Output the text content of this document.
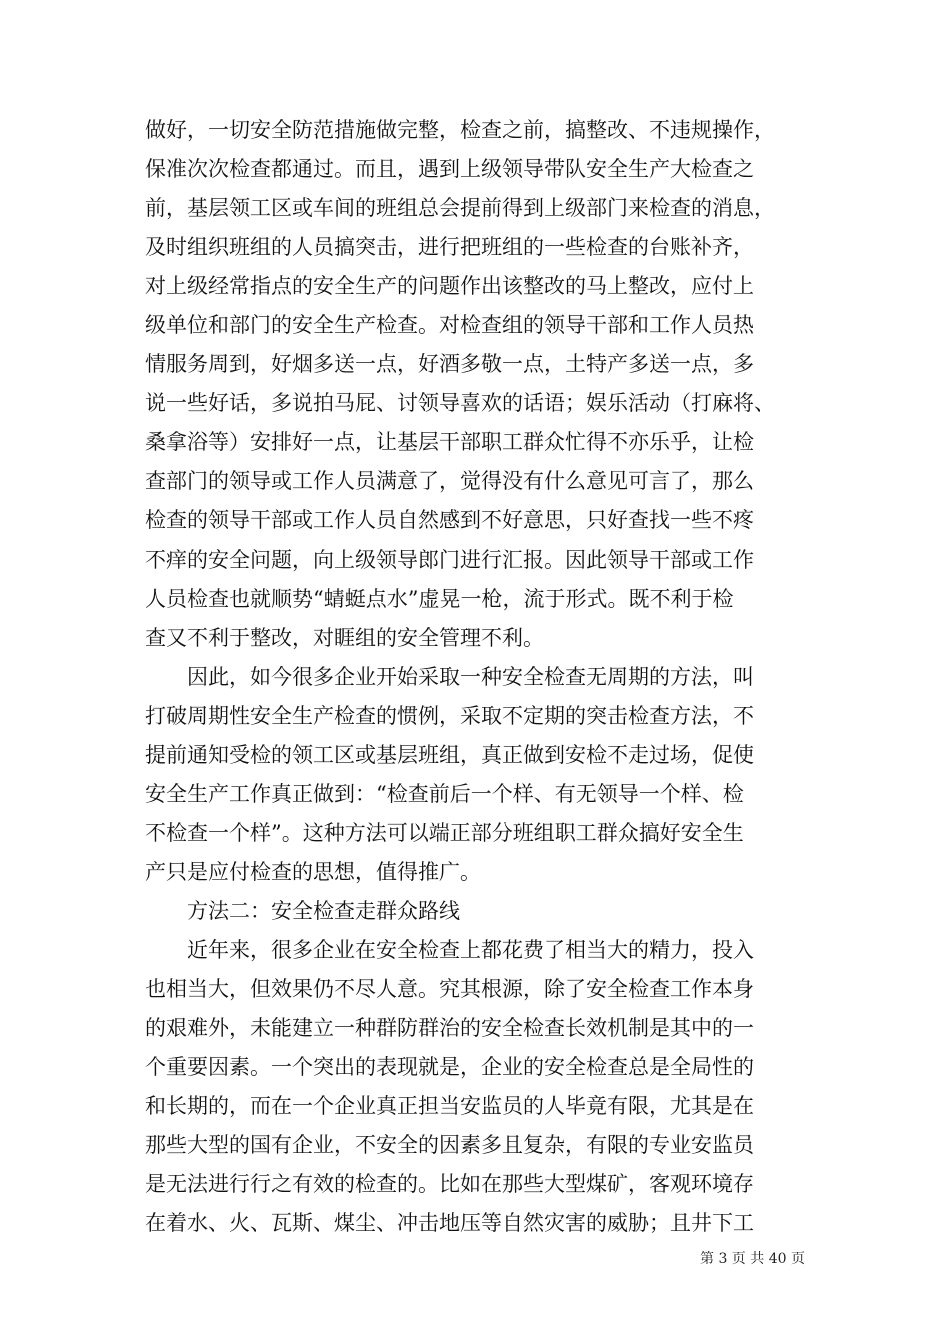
做好，一切安全防范措施做完整，检查之前，搞整改、不违规操作，
保准次次检查都通过。而且，遇到上级领导带队安全生产大检查之
前，基层领工区或车间的班组总会提前得到上级部门来检查的消息，
及时组织班组的人员搞突击，进行把班组的一些检查的台账补齐，
对上级经常指点的安全生产的问题作出该整改的马上整改，应付上
级单位和部门的安全生产检查。对检查组的领导干部和工作人员热
情服务周到，好烟多送一点，好酒多敬一点，土特产多送一点，多
说一些好话，多说拍马屁、讨领导喜欢的话语；娱乐活动（打麻将、
桑拿浴等）安排好一点，让基层干部职工群众忙得不亦乐乎，让检
查部门的领导或工作人员满意了，觉得没有什么意见可言了，那么
检查的领导干部或工作人员自然感到不好意思，只好查找一些不疼
不痒的安全问题，向上级领导郎门进行汇报。因此领导干部或工作
人员检查也就顺势“蜻蜓点水”虚晃一枪，流于形式。既不利于检
查又不利于整改，对睚组的安全管理不利。
因此，如今很多企业开始采取一种安全检查无周期的方法，叫
打破周期性安全生产检查的惯例，采取不定期的突击检查方法，不
提前通知受检的领工区或基层班组，真正做到安检不走过场，促使
安全生产工作真正做到：“检查前后一个样、有无领导一个样、检
不检查一个样”。这种方法可以端正部分班组职工群众搞好安全生
产只是应付检查的思想，值得推广。
方法二：安全检查走群众路线
近年来，很多企业在安全检查上都花费了相当大的精力，投入
也相当大，但效果仍不尽人意。究其根源，除了安全检查工作本身
的艰难外，未能建立一种群防群治的安全检查长效机制是其中的一
个重要因素。一个突出的表现就是，企业的安全检查总是全局性的
和长期的，而在一个企业真正担当安监员的人毕竟有限，尤其是在
那些大型的国有企业，不安全的因素多且复杂，有限的专业安监员
是无法进行行之有效的检查的。比如在那些大型煤矿，客观环境存
在着水、火、瓦斯、煤尘、冲击地压等自然灾害的威胁；且井下工
第 3 页 共 40 页
